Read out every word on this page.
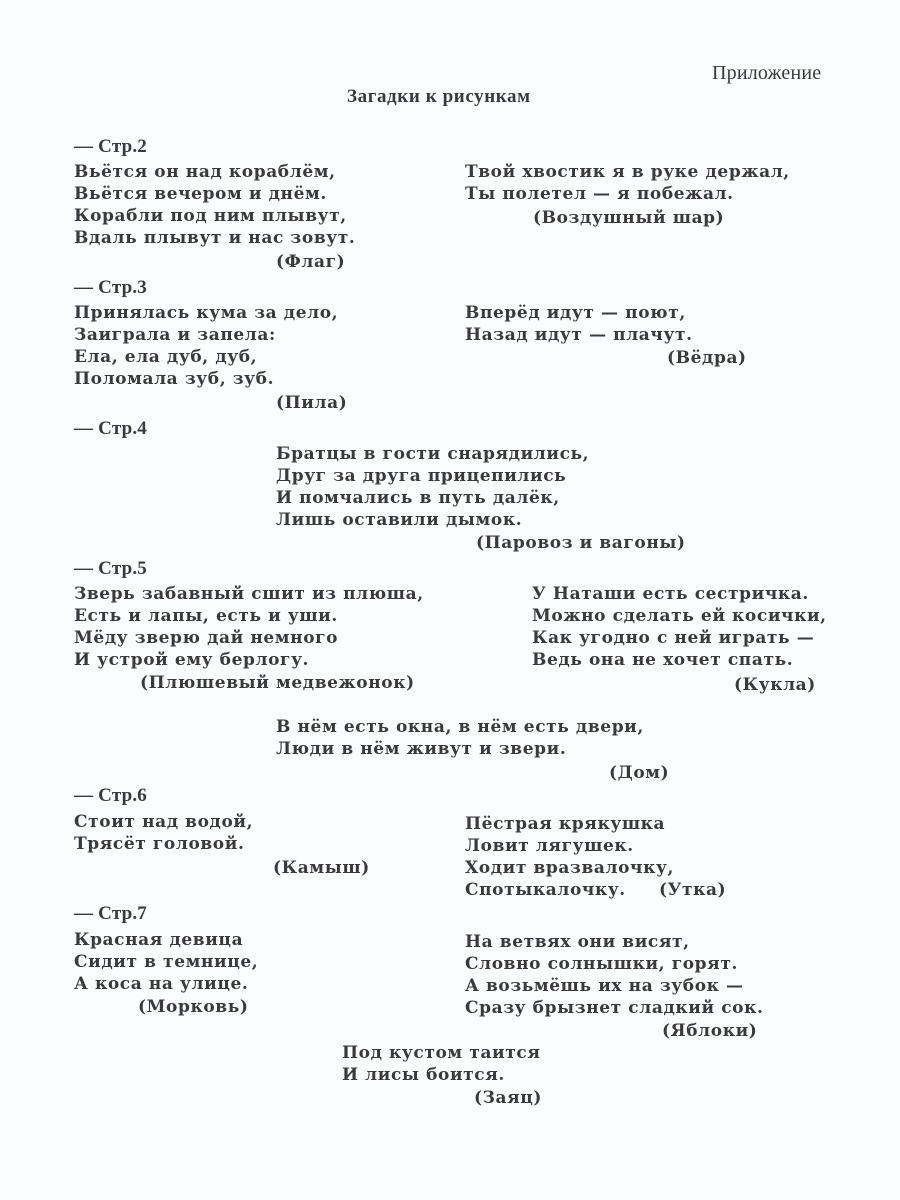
Приложение
Загадки к рисункам
— Стр.2
Вьётся он над кораблём,
Вьётся вечером и днём.
Корабли под ним плывут,
Вдаль плывут и нас зовут.
(Флаг)
Твой хвостик я в руке держал,
Ты полетел — я побежал.
(Воздушный шар)
— Стр.3
Принялась кума за дело,
Заиграла и запела:
Ела, ела дуб, дуб,
Поломала зуб, зуб.
(Пила)
Вперёд идут — поют,
Назад идут — плачут.
(Вёдра)
— Стр.4
Братцы в гости снарядились,
Друг за друга прицепились
И помчались в путь далёк,
Лишь оставили дымок.
(Паровоз и вагоны)
— Стр.5
Зверь забавный сшит из плюша,
Есть и лапы, есть и уши.
Мёду зверю дай немного
И устрой ему берлогу.
(Плюшевый медвежонок)
У Наташи есть сестричка.
Можно сделать ей косички,
Как угодно с ней играть —
Ведь она не хочет спать.
(Кукла)
В нём есть окна, в нём есть двери,
Люди в нём живут и звери.
(Дом)
— Стр.6
Стоит над водой,
Трясёт головой.
(Камыш)
Пёстрая крякушка
Ловит лягушек.
Ходит вразвалочку,
Спотыкалочку.	(Утка)
— Стр.7
Красная девица
Сидит в темнице,
А коса на улице.
(Морковь)
На ветвях они висят,
Словно солнышки, горят.
А возьмёшь их на зубок —
Сразу брызнет сладкий сок.
(Яблоки)
Под кустом таится
И лисы боится.
(Заяц)
